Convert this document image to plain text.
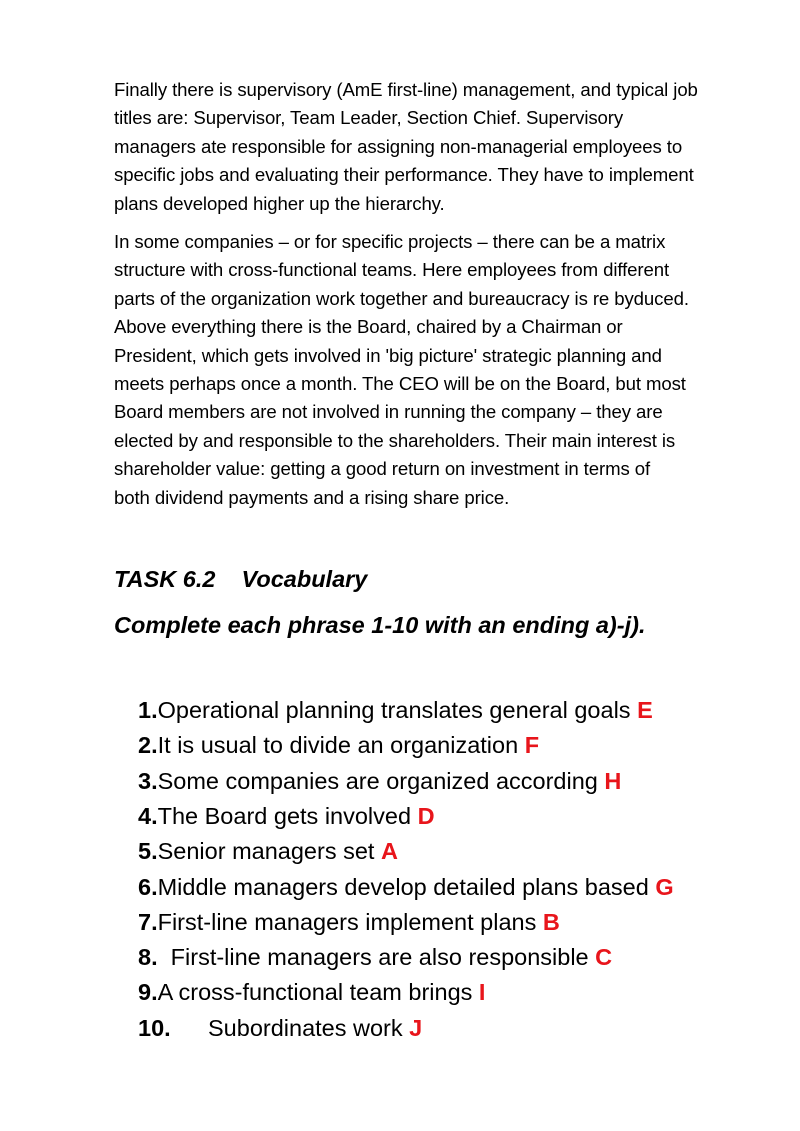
Finally there is supervisory (AmE first-line) management, and typical job
titles are: Supervisor, Team Leader, Section Chief. Supervisory
managers ate responsible for assigning non-managerial employees to
specific jobs and evaluating their performance. They have to implement
plans developed higher up the hierarchy.

In some companies – or for specific projects – there can be a matrix
structure with cross-functional teams. Here employees from different
parts of the organization work together and bureaucracy is re byduced.
Above everything there is the Board, chaired by a Chairman or
President, which gets involved in 'big picture' strategic planning and
meets perhaps once a month. The CEO will be on the Board, but most
Board members are not involved in running the company – they are
elected by and responsible to the shareholders. Their main interest is
shareholder value: getting a good return on investment in terms of
both dividend payments and a rising share price.

TASK 6.2    Vocabulary
Complete each phrase 1-10 with an ending a)-j).
1.Operational planning translates general goals E
2.It is usual to divide an organization F
3.Some companies are organized according H
4.The Board gets involved D
5.Senior managers set A
6.Middle managers develop detailed plans based G
7.First-line managers implement plans B
8.  First-line managers are also responsible C
9.A cross-functional team brings I
10. Subordinates work J
